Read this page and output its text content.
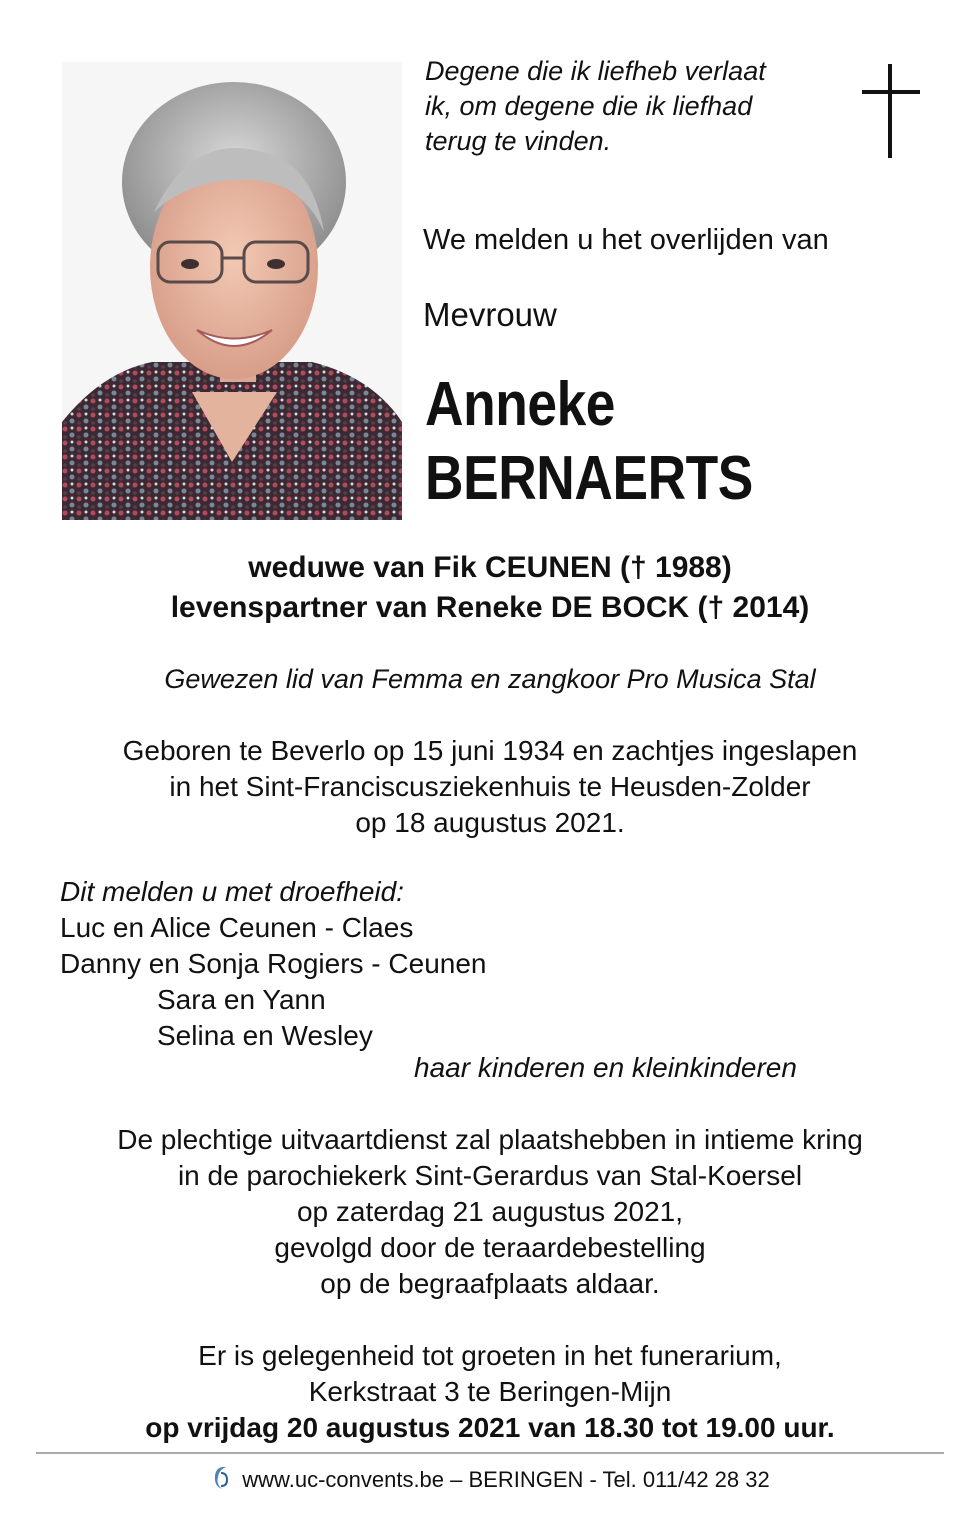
Degene die ik liefheb verlaat
ik, om degene die ik liefhad
terug te vinden.
We melden u het overlijden van
Mevrouw
Anneke
BERNAERTS
weduwe van Fik CEUNEN († 1988)
levenspartner van Reneke DE BOCK († 2014)
Gewezen lid van Femma en zangkoor Pro Musica Stal
Geboren te Beverlo op 15 juni 1934 en zachtjes ingeslapen
in het Sint-Franciscusziekenhuis te Heusden-Zolder
op 18 augustus 2021.
Dit melden u met droefheid:
Luc en Alice Ceunen - Claes
Danny en Sonja Rogiers - Ceunen
Sara en Yann
Selina en Wesley
haar kinderen en kleinkinderen
De plechtige uitvaartdienst zal plaatshebben in intieme kring
in de parochiekerk Sint-Gerardus van Stal-Koersel
op zaterdag 21 augustus 2021,
gevolgd door de teraardebestelling
op de begraafplaats aldaar.
Er is gelegenheid tot groeten in het funerarium,
Kerkstraat 3 te Beringen-Mijn
op vrijdag 20 augustus 2021 van 18.30 tot 19.00 uur.
www.uc-convents.be – BERINGEN - Tel. 011/42 28 32
